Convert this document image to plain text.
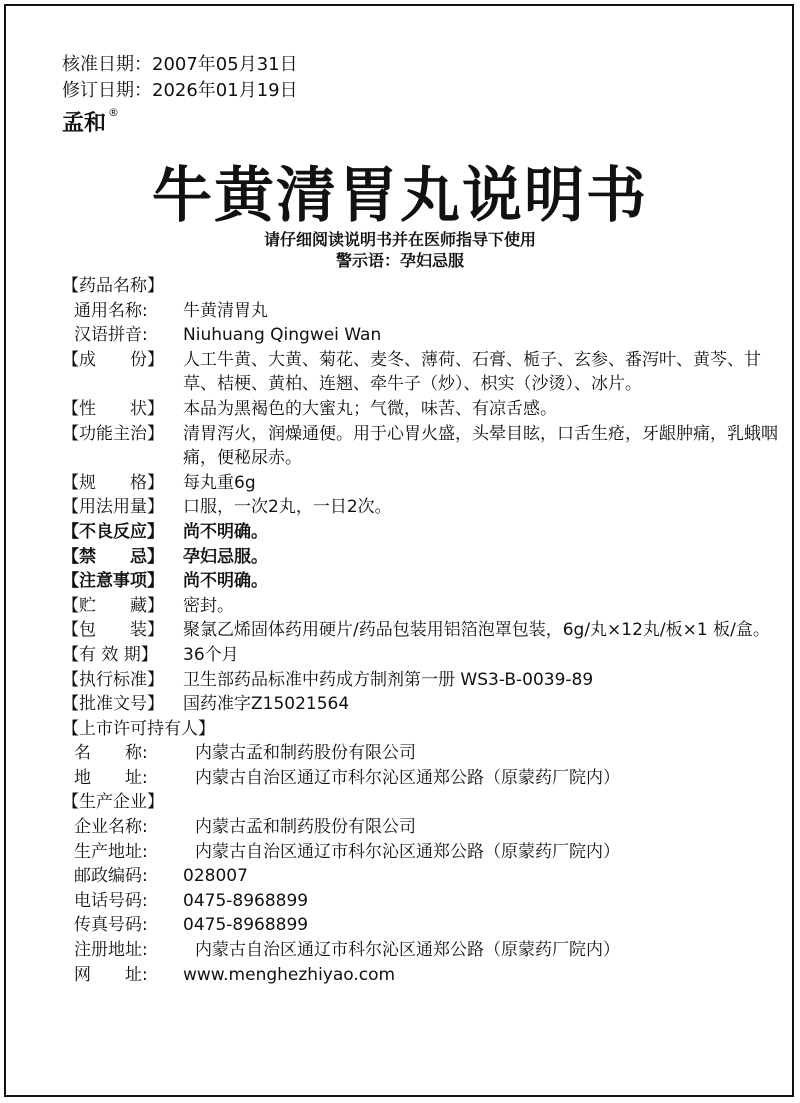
核准日期：2007年05月31日
修订日期：2026年01月19日
孟和 ®
牛黄清胃丸说明书
请仔细阅读说明书并在医师指导下使用
警示语：孕妇忌服
【药品名称】
通用名称:	牛黄清胃丸
汉语拼音:	Niuhuang Qingwei Wan
【成　　份】	人工牛黄、大黄、菊花、麦冬、薄荷、石膏、栀子、玄参、番泻叶、黄芩、甘草、桔梗、黄柏、连翘、牵牛子（炒）、枳实（沙烫）、冰片。
【性　　状】	本品为黑褐色的大蜜丸；气微，味苦、有凉舌感。
【功能主治】	清胃泻火，润燥通便。用于心胃火盛，头晕目眩，口舌生疮，牙龈肿痛，乳蛾咽痛，便秘尿赤。
【规　　格】	每丸重6g
【用法用量】	口服，一次2丸，一日2次。
【不良反应】	尚不明确。
【禁　　忌】	孕妇忌服。
【注意事项】	尚不明确。
【贮　　藏】	密封。
【包　　装】	聚氯乙烯固体药用硬片/药品包装用铝箔泡罩包装，6g/丸×12丸/板×1 板/盒。
【有 效 期】	36个月
【执行标准】	卫生部药品标准中药成方制剂第一册 WS3-B-0039-89
【批准文号】	国药准字Z15021564
【上市许可持有人】
名　　称:	内蒙古孟和制药股份有限公司
地　　址:	内蒙古自治区通辽市科尔沁区通郑公路（原蒙药厂院内）
【生产企业】
企业名称:	内蒙古孟和制药股份有限公司
生产地址:	内蒙古自治区通辽市科尔沁区通郑公路（原蒙药厂院内）
邮政编码:	028007
电话号码:	0475-8968899
传真号码:	0475-8968899
注册地址:	内蒙古自治区通辽市科尔沁区通郑公路（原蒙药厂院内）
网　　址:	www.menghezhiyao.com
